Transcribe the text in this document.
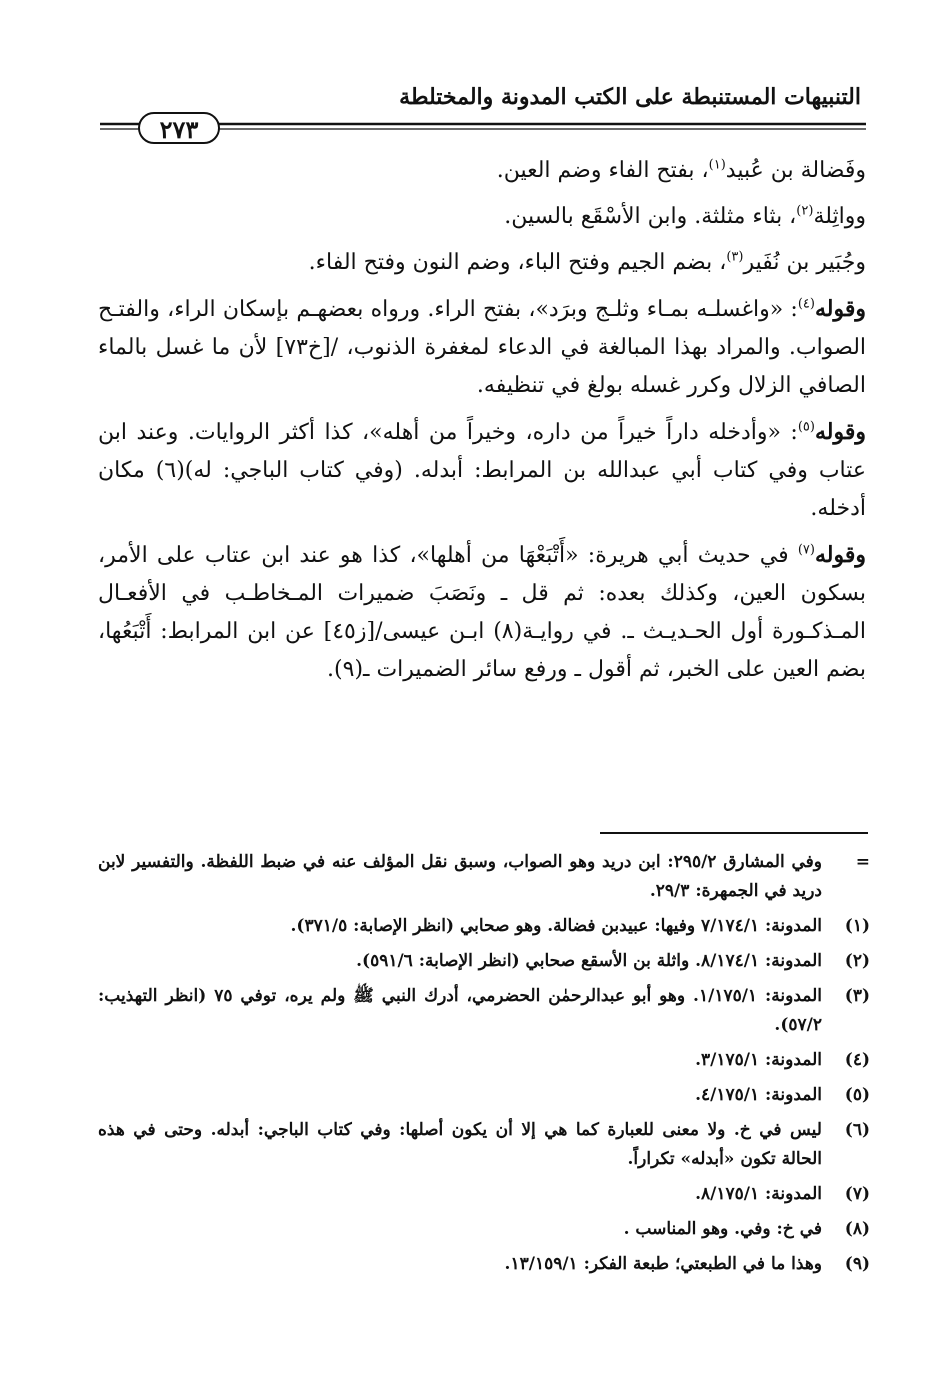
التنبيهات المستنبطة على الكتب المدونة والمختلطة
٢٧٣

وفَضالة بن عُبيد$^{(١)}$، بفتح الفاء وضم العين.

وواثِلة$^{(٢)}$، بثاء مثلثة. وابن الأسْقَع بالسين.

وجُبَير بن نُفَير$^{(٣)}$، بضم الجيم وفتح الباء، وضم النون وفتح الفاء.

وقوله$^{(٤)}$: «واغسلـه بمـاء وثلـج وبرَد»، بفتح الراء. ورواه بعضهـم بإسكان الراء، والفتـح الصواب. والمراد بهذا المبالغة في الدعاء لمغفرة الذنوب، /[خ٧٣] لأن ما غسل بالماء الصافي الزلال وكرر غسله بولغ في تنظيفه.

وقوله$^{(٥)}$: «وأدخله داراً خيراً من داره، وخيراً من أهله»، كذا أكثر الروايات. وعند ابن عتاب وفي كتاب أبي عبدالله بن المرابط: أبدله. (وفي كتاب الباجي: له)(٦) مكان أدخله.

وقوله$^{(٧)}$ في حديث أبي هريرة: «أَتْبَعْهَا من أهلها»، كذا هو عند ابن عتاب على الأمر، بسكون العين، وكذلك بعده: ثم قل ـ ونَصَبَ ضميرات المـخاطـب في الأفعـال المـذكـورة أول الحـديـث ـ. في روايـة(٨) ابـن عيسى/[ز٤٥] عن ابن المرابط: أَتْبَعُها، بضم العين على الخبر، ثم أقول ـ ورفع سائر الضميرات ـ(٩).

=
وفي المشارق ٢٩٥/٢: ابن دريد وهو الصواب، وسبق نقل المؤلف عنه في ضبط اللفظة. والتفسير لابن دريد في الجمهرة: ٢٩/٣.
(١)
المدونة: ٧/١٧٤/١ وفيها: عبيدبن فضالة. وهو صحابي (انظر الإصابة: ٣٧١/٥).
(٢)
المدونة: ٨/١٧٤/١. واثلة بن الأسقع صحابي (انظر الإصابة: ٥٩١/٦).
(٣)
المدونة: ١/١٧٥/١. وهو أبو عبدالرحمٰن الحضرمي، أدرك النبي ﷺ ولم يره، توفي ٧٥ (انظر التهذيب: ٥٧/٢).
(٤)
المدونة: ٣/١٧٥/١.
(٥)
المدونة: ٤/١٧٥/١.
(٦)
ليس في خ. ولا معنى للعبارة كما هي إلا أن يكون أصلها: وفي كتاب الباجي: أبدله. وحتى في هذه الحالة تكون «أبدله» تكراراً.
(٧)
المدونة: ٨/١٧٥/١.
(٨)
في خ: وفي. وهو المناسب .
(٩)
وهذا ما في الطبعتي؛ طبعة الفكر: ١٣/١٥٩/١.
